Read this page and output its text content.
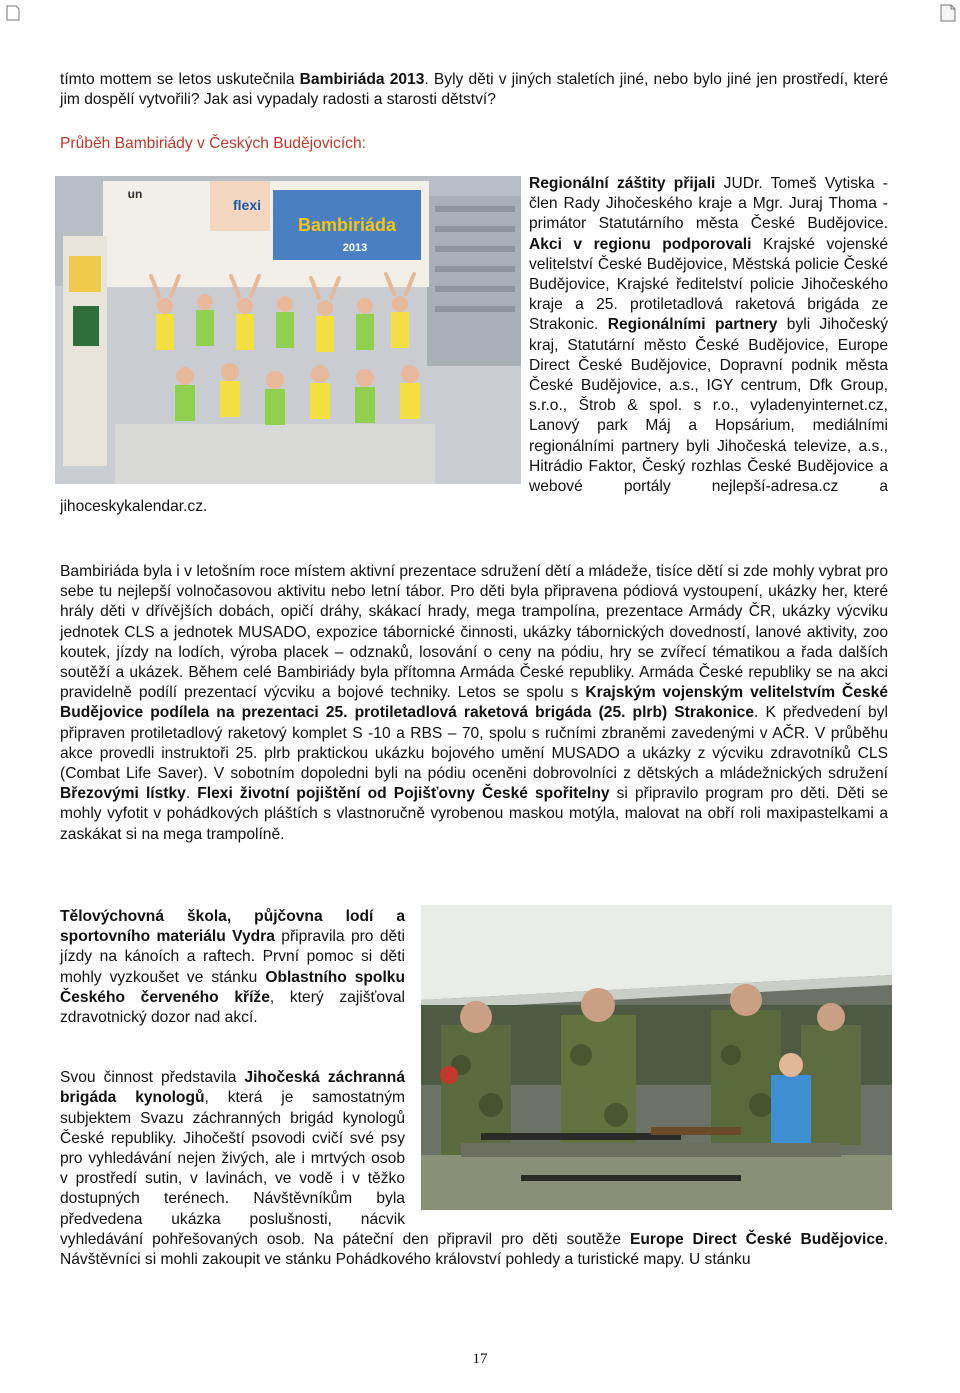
tímto mottem se letos uskutečnila Bambiriáda 2013. Byly děti v jiných staletích jiné, nebo bylo jiné jen prostředí, které jim dospělí vytvořili? Jak asi vypadaly radosti a starosti dětství?

Průběh Bambiriády v Českých Budějovicích:
Bambiriáda
2013
flexi
un

Regionální záštity přijali JUDr. Tomeš Vytiska - člen Rady Jihočeského kraje a Mgr. Juraj Thoma - primátor Statutárního města České Budějovice. Akci v regionu podporovali Krajské vojenské velitelství České Budějovice, Městská policie České Budějovice, Krajské ředitelství policie Jihočeského kraje a 25. protiletadlová raketová brigáda ze Strakonic. Regionálními partnery byli Jihočeský kraj, Statutární město České Budějovice, Europe Direct České Budějovice, Dopravní podnik města České Budějovice, a.s., IGY centrum, Dfk Group, s.r.o., Štrob & spol. s r.o., vyladenyinternet.cz, Lanový park Máj a Hopsárium, mediálními regionálními partnery byli Jihočeská televize, a.s., Hitrádio Faktor, Český rozhlas České Budějovice a webové portály nejlepší-adresa.cz a jihoceskykalendar.cz.

Bambiriáda byla i v letošním roce místem aktivní prezentace sdružení dětí a mládeže, tisíce dětí si zde mohly vybrat pro sebe tu nejlepší volnočasovou aktivitu nebo letní tábor. Pro děti byla připravena pódiová vystoupení, ukázky her, které hrály děti v dřívějších dobách, opičí dráhy, skákací hrady, mega trampolína, prezentace Armády ČR, ukázky výcviku jednotek CLS a jednotek MUSADO, expozice tábornické činnosti, ukázky tábornických dovedností, lanové aktivity, zoo koutek, jízdy na lodích, výroba placek – odznaků, losování o ceny na pódiu, hry se zvířecí tématikou a řada dalších soutěží a ukázek. Během celé Bambiriády byla přítomna Armáda České republiky. Armáda České republiky se na akci pravidelně podílí prezentací výcviku a bojové techniky. Letos se spolu s Krajským vojenským velitelstvím České Budějovice podílela na prezentaci 25. protiletadlová raketová brigáda (25. plrb) Strakonice. K předvedení byl připraven protiletadlový raketový komplet S -10 a RBS – 70, spolu s ručními zbraněmi zavedenými v AČR. V průběhu akce provedli instruktoři 25. plrb praktickou ukázku bojového umění MUSADO a ukázky z výcviku zdravotníků CLS (Combat Life Saver). V sobotním dopoledni byli na pódiu oceněni dobrovolníci z dětských a mládežnických sdružení Březovými lístky. Flexi životní pojištění od Pojišťovny České spořitelny si připravilo program pro děti. Děti se mohly vyfotit v pohádkových pláštích s vlastnoručně vyrobenou maskou motýla, malovat na obří roli maxipastelkami a zaskákat si na mega trampolíně.

Tělovýchovná škola, půjčovna lodí a sportovního materiálu Vydra připravila pro děti jízdy na kánoích a raftech. První pomoc si děti mohly vyzkoušet ve stánku Oblastního spolku Českého červeného kříže, který zajišťoval zdravotnický dozor nad akcí.

Svou činnost představila Jihočeská záchranná brigáda kynologů, která je samostatným subjektem Svazu záchranných brigád kynologů České republiky. Jihočeští psovodi cvičí své psy pro vyhledávání nejen živých, ale i mrtvých osob v prostředí sutin, v lavinách, ve vodě i v těžko dostupných terénech. Návštěvníkům byla předvedena ukázka poslušnosti, nácvik vyhledávání pohřešovaných osob. Na páteční den připravil pro děti soutěže Europe Direct České Budějovice. Návštěvníci si mohli zakoupit ve stánku Pohádkového království pohledy a turistické mapy. U stánku

17
